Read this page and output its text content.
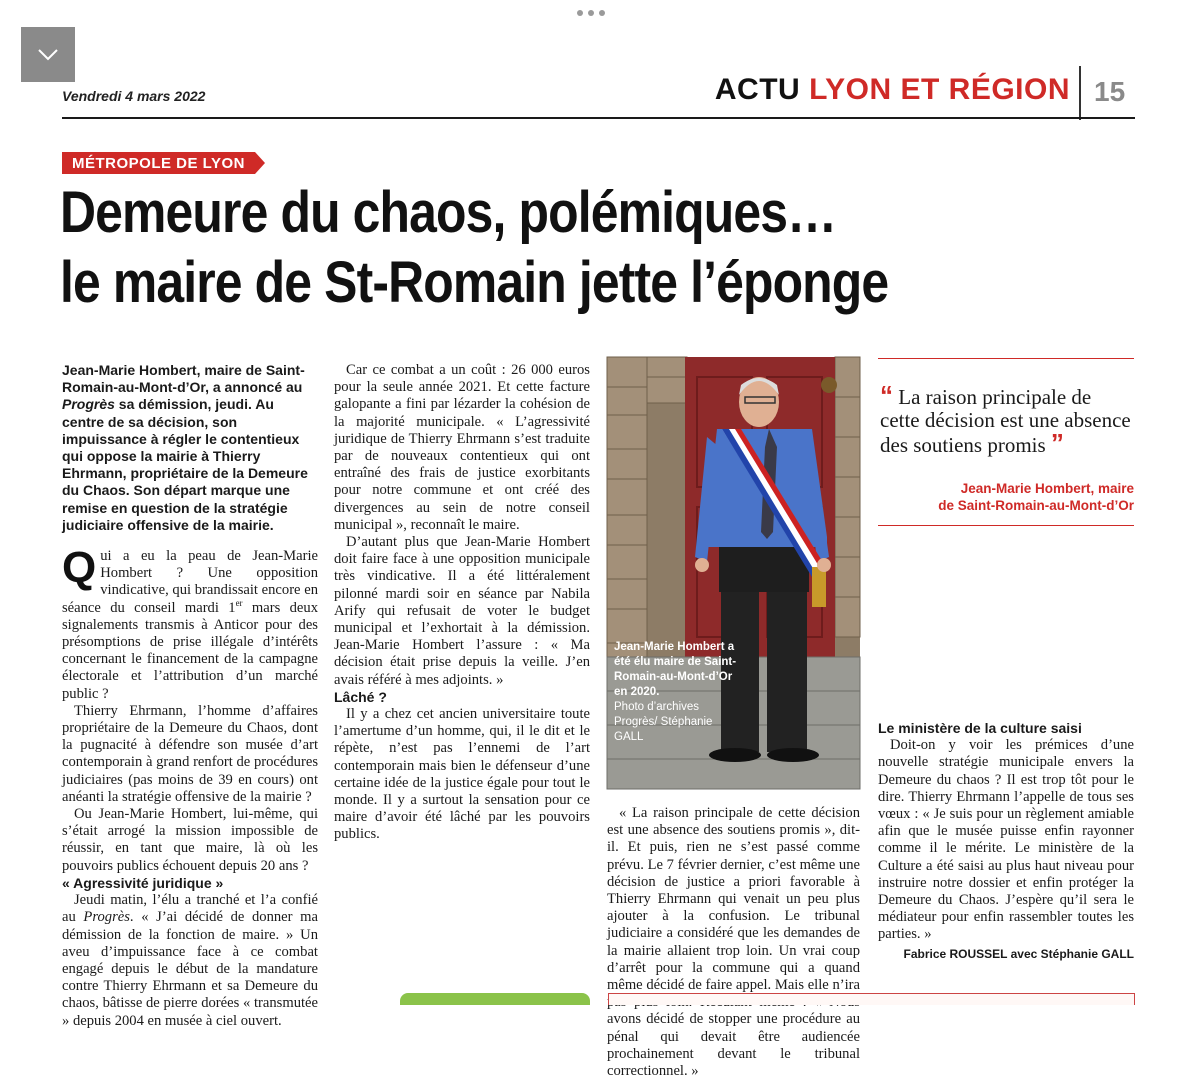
Vendredi 4 mars 2022	ACTU LYON ET RÉGION 15
MÉTROPOLE DE LYON
Demeure du chaos, polémiques…
le maire de St-Romain jette l’éponge

Jean-Marie Hombert, maire de Saint-Romain-au-Mont-d’Or, a annoncé au Progrès sa démission, jeudi. Au centre de sa décision, son impuissance à régler le contentieux qui oppose la mairie à Thierry Ehrmann, propriétaire de la Demeure du Chaos. Son départ marque une remise en question de la stratégie judiciaire offensive de la mairie.

Qui a eu la peau de Jean-Marie Hombert ? Une opposition vindicative, qui brandissait encore en séance du conseil mardi 1er mars deux signalements transmis à Anticor pour des présomptions de prise illégale d’intérêts concernant le financement de la campagne électorale et l’attribution d’un marché public ?

Thierry Ehrmann, l’homme d’affaires propriétaire de la Demeure du Chaos, dont la pugnacité à défendre son musée d’art contemporain à grand renfort de procédures judiciaires (pas moins de 39 en cours) ont anéanti la stratégie offensive de la mairie ?

Ou Jean-Marie Hombert, lui-même, qui s’était arrogé la mission impossible de réussir, en tant que maire, là où les pouvoirs publics échouent depuis 20 ans ?

« Agressivité juridique »

Jeudi matin, l’élu a tranché et l’a confié au Progrès. « J’ai décidé de donner ma démission de la fonction de maire. » Un aveu d’impuissance face à ce combat engagé depuis le début de la mandature contre Thierry Ehrmann et sa Demeure du chaos, bâtisse de pierre dorées « transmutée » depuis 2004 en musée à ciel ouvert.

Car ce combat a un coût : 26 000 euros pour la seule année 2021. Et cette facture galopante a fini par lézarder la cohésion de la majorité municipale. « L’agressivité juridique de Thierry Ehrmann s’est traduite par de nouveaux contentieux qui ont entraîné des frais de justice exorbitants pour notre commune et ont créé des divergences au sein de notre conseil municipal », reconnaît le maire.

D’autant plus que Jean-Marie Hombert doit faire face à une opposition municipale très vindicative. Il a été littéralement pilonné mardi soir en séance par Nabila Arify qui refusait de voter le budget municipal et l’exhortait à la démission. Jean-Marie Hombert l’assure : « Ma décision était prise depuis la veille. J’en avais référé à mes adjoints. »

Lâché ?

Il y a chez cet ancien universitaire toute l’amertume d’un homme, qui, il le dit et le répète, n’est pas l’ennemi de l’art contemporain mais bien le défenseur d’une certaine idée de la justice égale pour tout le monde. Il y a surtout la sensation pour ce maire d’avoir été lâché par les pouvoirs publics.

Jean-Marie Hombert a été élu maire de Saint-Romain-au-Mont-d’Or en 2020.
Photo d’archives Progrès/ Stéphanie GALL

« La raison principale de cette décision est une absence des soutiens promis », dit-il. Et puis, rien ne s’est passé comme prévu. Le 7 février dernier, c’est même une décision de justice a priori favorable à Thierry Ehrmann qui venait un peu plus ajouter à la confusion. Le tribunal judiciaire a considéré que les demandes de la mairie allaient trop loin. Un vrai coup d’arrêt pour la commune qui a quand même décidé de faire appel. Mais elle n’ira avons décidé de stopper une procédure au pénal qui devait être audiencée prochainement devant le tribunal correctionnel. »

“ La raison principale de cette décision est une absence des soutiens promis ”
Jean-Marie Hombert, maire
de Saint-Romain-au-Mont-d’Or

Le ministère de la culture saisi

Doit-on y voir les prémices d’une nouvelle stratégie municipale envers la Demeure du chaos ? Il est trop tôt pour le dire. Thierry Ehrmann l’appelle de tous ses vœux : « Je suis pour un règlement amiable afin que le musée puisse enfin rayonner comme il le mérite. Le ministère de la Culture a été saisi au plus haut niveau pour instruire notre dossier et enfin protéger la Demeure du Chaos. J’espère qu’il sera le médiateur pour enfin rassembler toutes les parties. »

Fabrice ROUSSEL avec Stéphanie GALL
